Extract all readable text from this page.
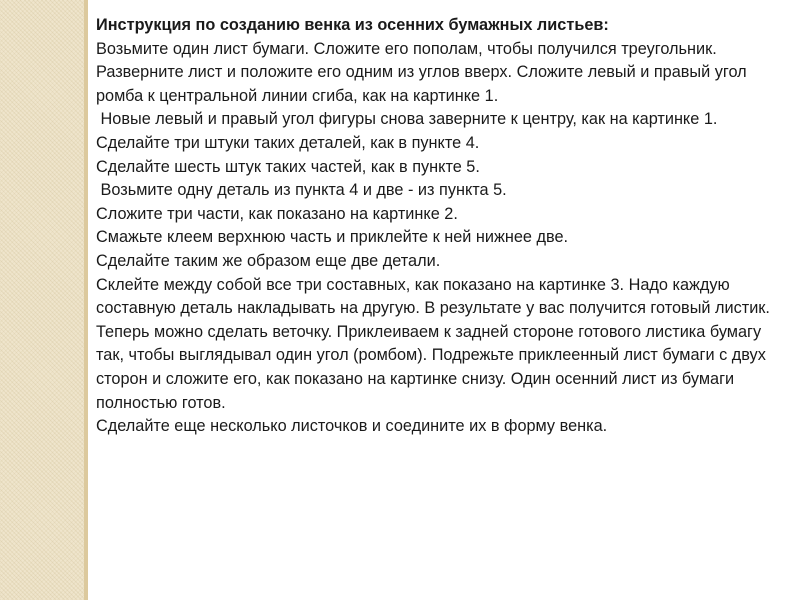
Инструкция по созданию венка из осенних бумажных листьев:

Возьмите один лист бумаги. Сложите его пополам, чтобы получился треугольник. Разверните лист и положите его одним из углов вверх. Сложите левый и правый угол ромба к центральной линии сгиба, как на картинке 1.

Новые левый и правый угол фигуры снова заверните к центру, как на картинке 1.

Сделайте три штуки таких деталей, как в пункте 4.

Сделайте шесть штук таких частей, как в пункте 5.

Возьмите одну деталь из пункта 4 и две - из пункта 5.

Сложите три части, как показано на картинке 2.

Смажьте клеем верхнюю часть и приклейте к ней нижнее две.

Сделайте таким же образом еще две детали.

Склейте между собой все три составных, как показано на картинке 3. Надо каждую составную деталь накладывать на другую. В результате у вас получится готовый листик.

Теперь можно сделать веточку. Приклеиваем к задней стороне готового листика бумагу так, чтобы выглядывал один угол (ромбом). Подрежьте приклеенный лист бумаги с двух сторон и сложите его, как показано на картинке снизу. Один осенний лист из бумаги полностью готов.

Сделайте еще несколько листочков и соедините их в форму венка.
